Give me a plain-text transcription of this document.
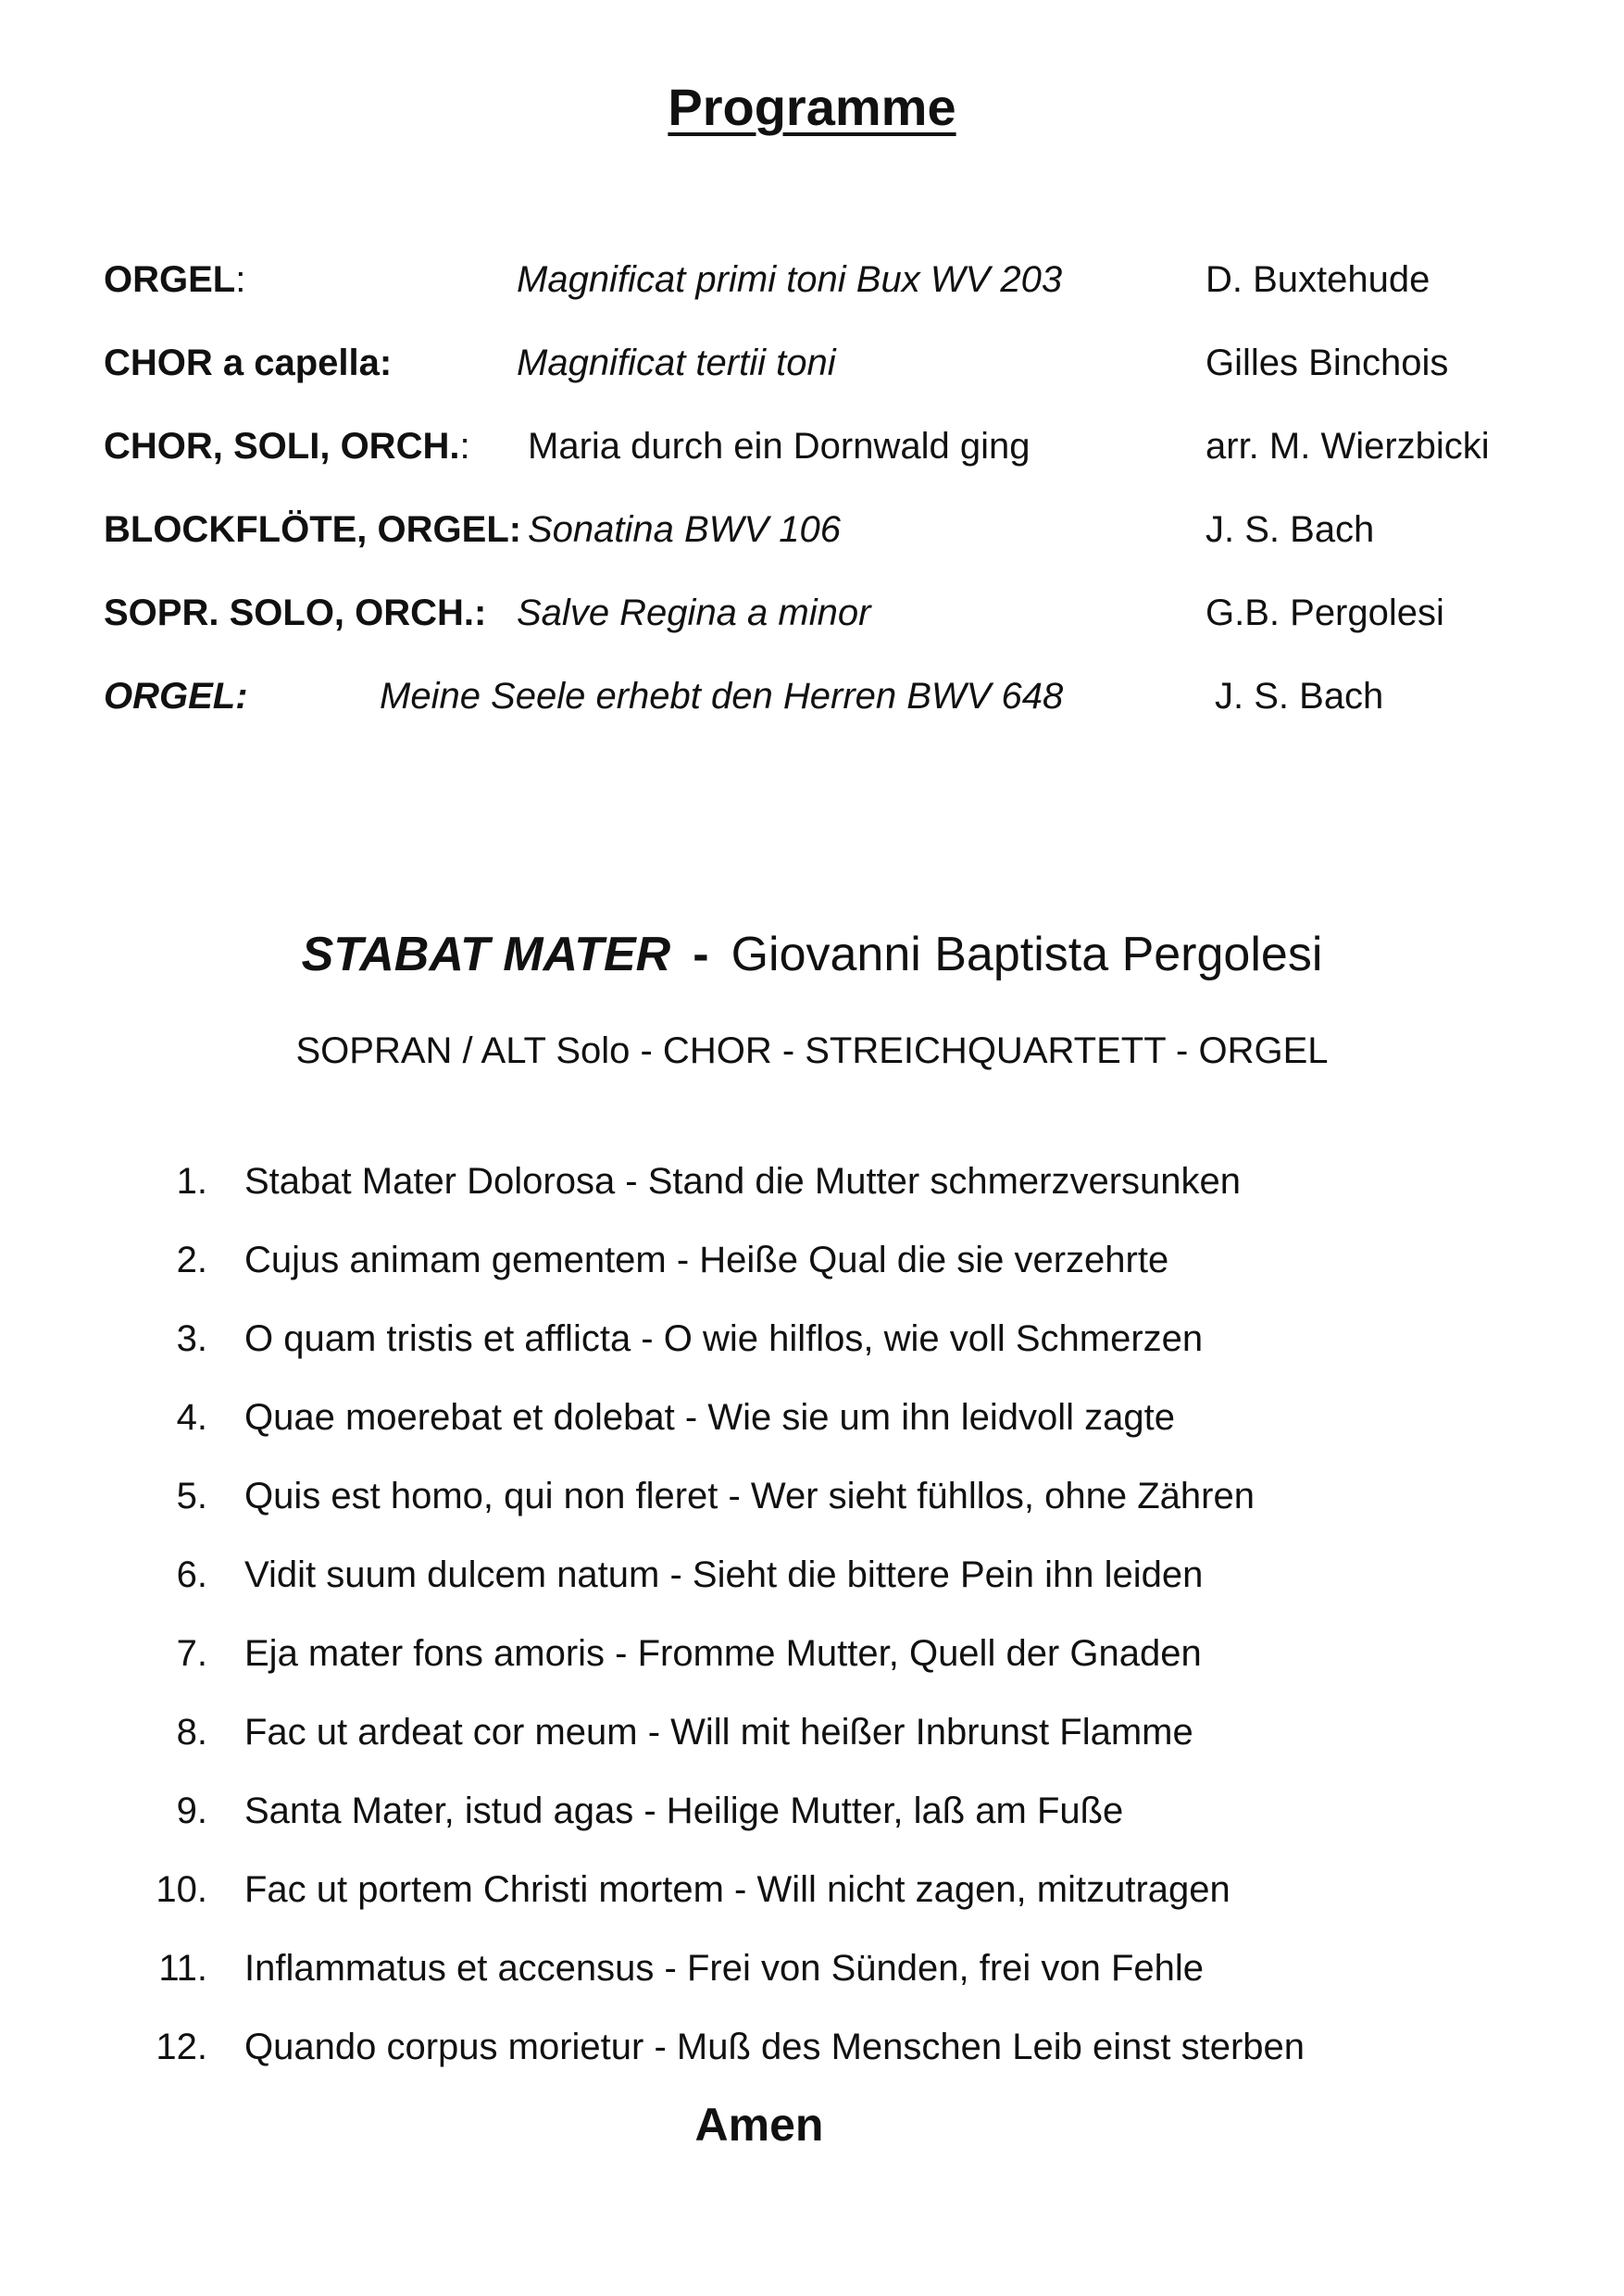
Programme
ORGEL:	Magnificat primi toni Bux WV 203	D. Buxtehude
CHOR a capella:	Magnificat tertii toni	Gilles Binchois
CHOR, SOLI, ORCH.: Maria durch ein Dornwald ging	arr. M. Wierzbicki
BLOCKFLÖTE, ORGEL: Sonatina BWV 106	J. S. Bach
SOPR. SOLO, ORCH.: Salve Regina a minor	G.B. Pergolesi
ORGEL:	Meine Seele erhebt den Herren BWV 648	J. S. Bach
STABAT MATER - Giovanni Baptista Pergolesi
SOPRAN / ALT Solo - CHOR - STREICHQUARTETT - ORGEL
1. Stabat Mater Dolorosa - Stand die Mutter schmerzversunken
2. Cujus animam gementem - Heiße Qual die sie verzehrte
3. O quam tristis et afflicta - O wie hilflos, wie voll Schmerzen
4. Quae moerebat et dolebat - Wie sie um ihn leidvoll zagte
5. Quis est homo, qui non fleret - Wer sieht fühllos, ohne Zähren
6. Vidit suum dulcem natum - Sieht die bittere Pein ihn leiden
7. Eja mater fons amoris - Fromme Mutter, Quell der Gnaden
8. Fac ut ardeat cor meum - Will mit heißer Inbrunst Flamme
9. Santa Mater, istud agas - Heilige Mutter, laß am Fuße
10. Fac ut portem Christi mortem - Will nicht zagen, mitzutragen
11. Inflammatus et accensus - Frei von Sünden, frei von Fehle
12. Quando corpus morietur - Muß des Menschen Leib einst sterben
Amen
